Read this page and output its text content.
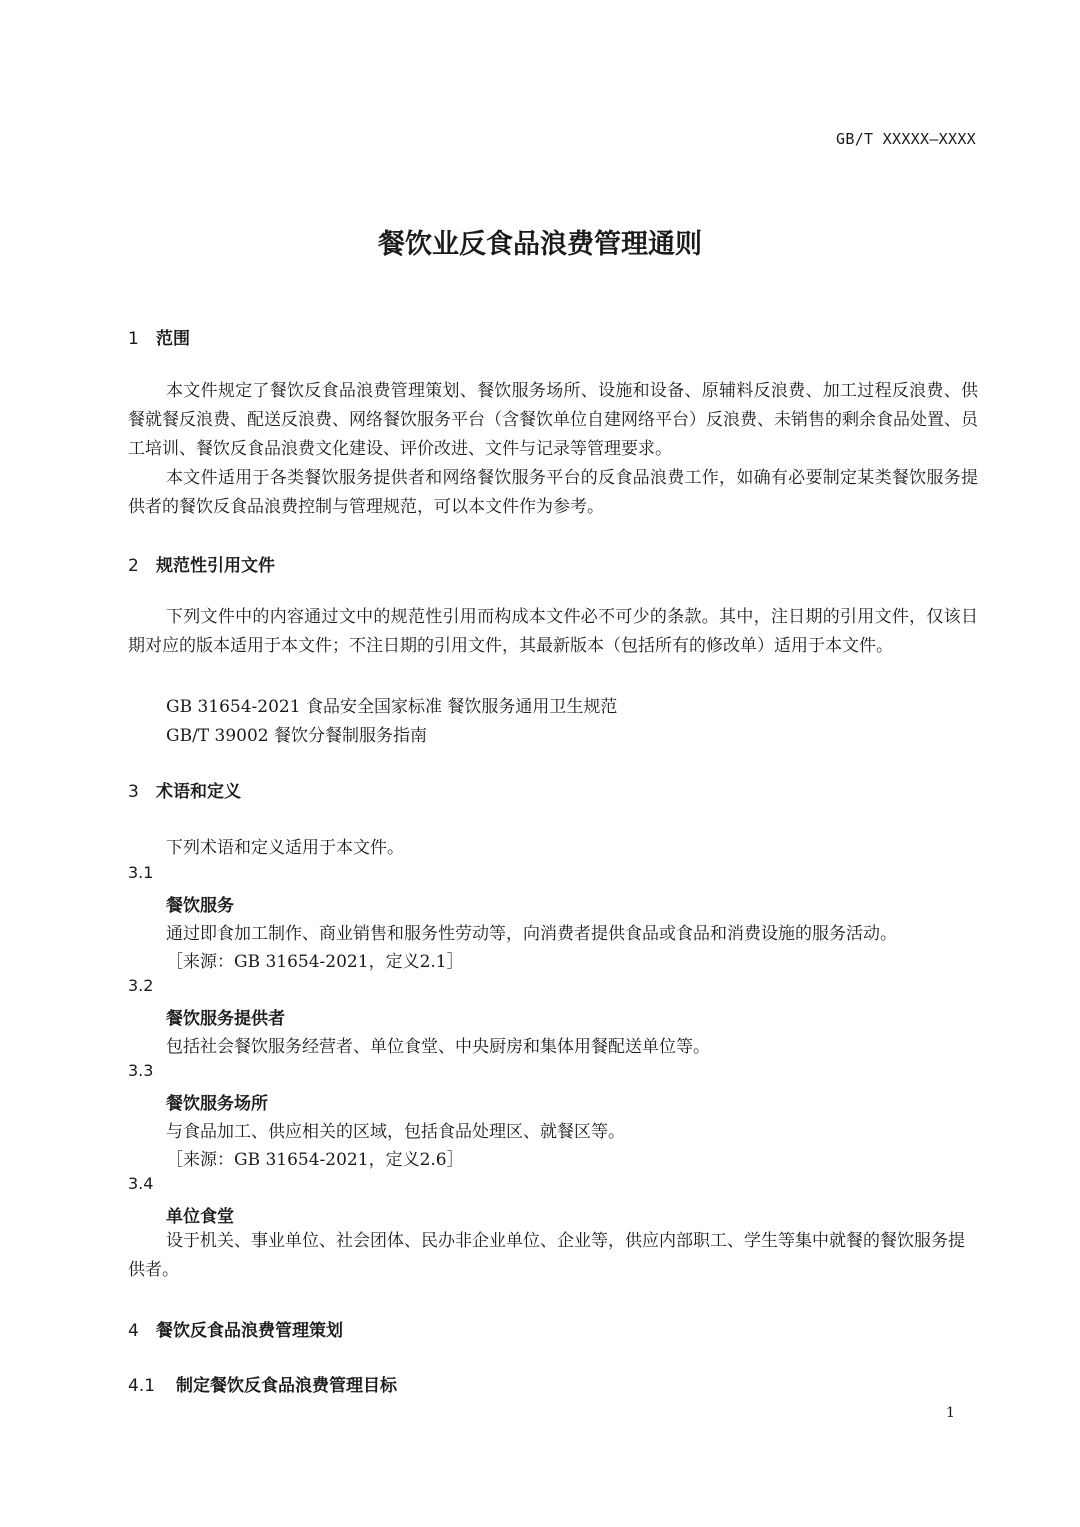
GB/T XXXXX—XXXX
餐饮业反食品浪费管理通则
1 范围
本文件规定了餐饮反食品浪费管理策划、餐饮服务场所、设施和设备、原辅料反浪费、加工过程反浪费、供餐就餐反浪费、配送反浪费、网络餐饮服务平台（含餐饮单位自建网络平台）反浪费、未销售的剩余食品处置、员工培训、餐饮反食品浪费文化建设、评价改进、文件与记录等管理要求。
本文件适用于各类餐饮服务提供者和网络餐饮服务平台的反食品浪费工作，如确有必要制定某类餐饮服务提供者的餐饮反食品浪费控制与管理规范，可以本文件作为参考。
2 规范性引用文件
下列文件中的内容通过文中的规范性引用而构成本文件必不可少的条款。其中，注日期的引用文件，仅该日期对应的版本适用于本文件；不注日期的引用文件，其最新版本（包括所有的修改单）适用于本文件。
GB 31654-2021 食品安全国家标准 餐饮服务通用卫生规范
GB/T 39002 餐饮分餐制服务指南
3 术语和定义
下列术语和定义适用于本文件。
3.1
餐饮服务
通过即食加工制作、商业销售和服务性劳动等，向消费者提供食品或食品和消费设施的服务活动。
［来源：GB 31654-2021，定义2.1］
3.2
餐饮服务提供者
包括社会餐饮服务经营者、单位食堂、中央厨房和集体用餐配送单位等。
3.3
餐饮服务场所
与食品加工、供应相关的区域，包括食品处理区、就餐区等。
［来源：GB 31654-2021，定义2.6］
3.4
单位食堂
设于机关、事业单位、社会团体、民办非企业单位、企业等，供应内部职工、学生等集中就餐的餐饮服务提供者。
4 餐饮反食品浪费管理策划
4.1 制定餐饮反食品浪费管理目标
1
